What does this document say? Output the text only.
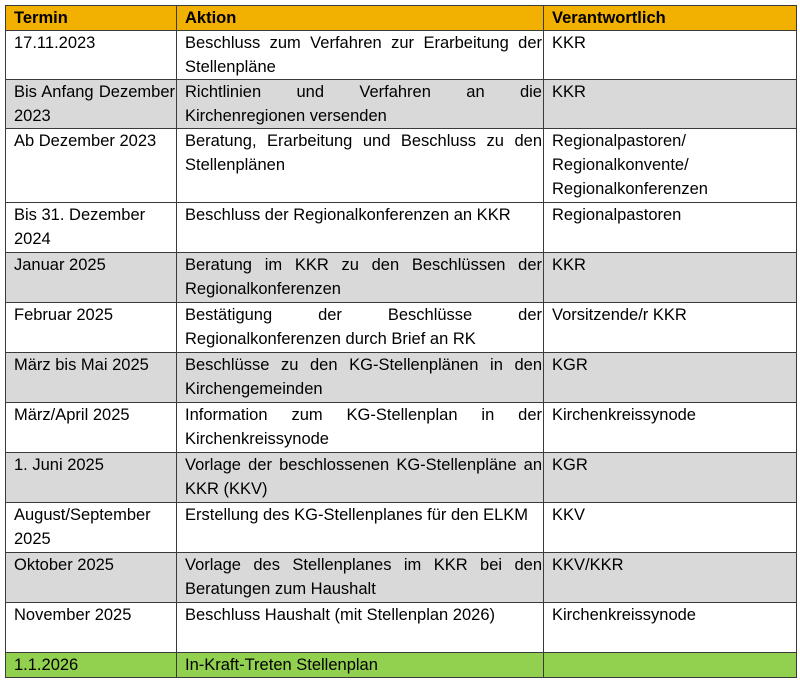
Termin	Aktion	Verantwortlich
17.11.2023	Beschluss zum Verfahren zur Erarbeitung der Stellenpläne	KKR
Bis Anfang Dezember 2023	Richtlinien und Verfahren an die Kirchenregionen versenden	KKR
Ab Dezember 2023	Beratung, Erarbeitung und Beschluss zu den Stellenplänen	Regionalpastoren/ Regionalkonvente/ Regionalkonferenzen
Bis 31. Dezember 2024	Beschluss der Regionalkonferenzen an KKR	Regionalpastoren
Januar 2025	Beratung im KKR zu den Beschlüssen der Regionalkonferenzen	KKR
Februar 2025	Bestätigung der Beschlüsse der Regionalkonferenzen durch Brief an RK	Vorsitzende/r KKR
März bis Mai 2025	Beschlüsse zu den KG-Stellenplänen in den Kirchengemeinden	KGR
März/April 2025	Information zum KG-Stellenplan in der Kirchenkreissynode	Kirchenkreissynode
1. Juni 2025	Vorlage der beschlossenen KG-Stellenpläne an KKR (KKV)	KGR
August/September 2025	Erstellung des KG-Stellenplanes für den ELKM	KKV
Oktober 2025	Vorlage des Stellenplanes im KKR bei den Beratungen zum Haushalt	KKV/KKR
November 2025	Beschluss Haushalt (mit Stellenplan 2026)	Kirchenkreissynode
1.1.2026	In-Kraft-Treten Stellenplan	
